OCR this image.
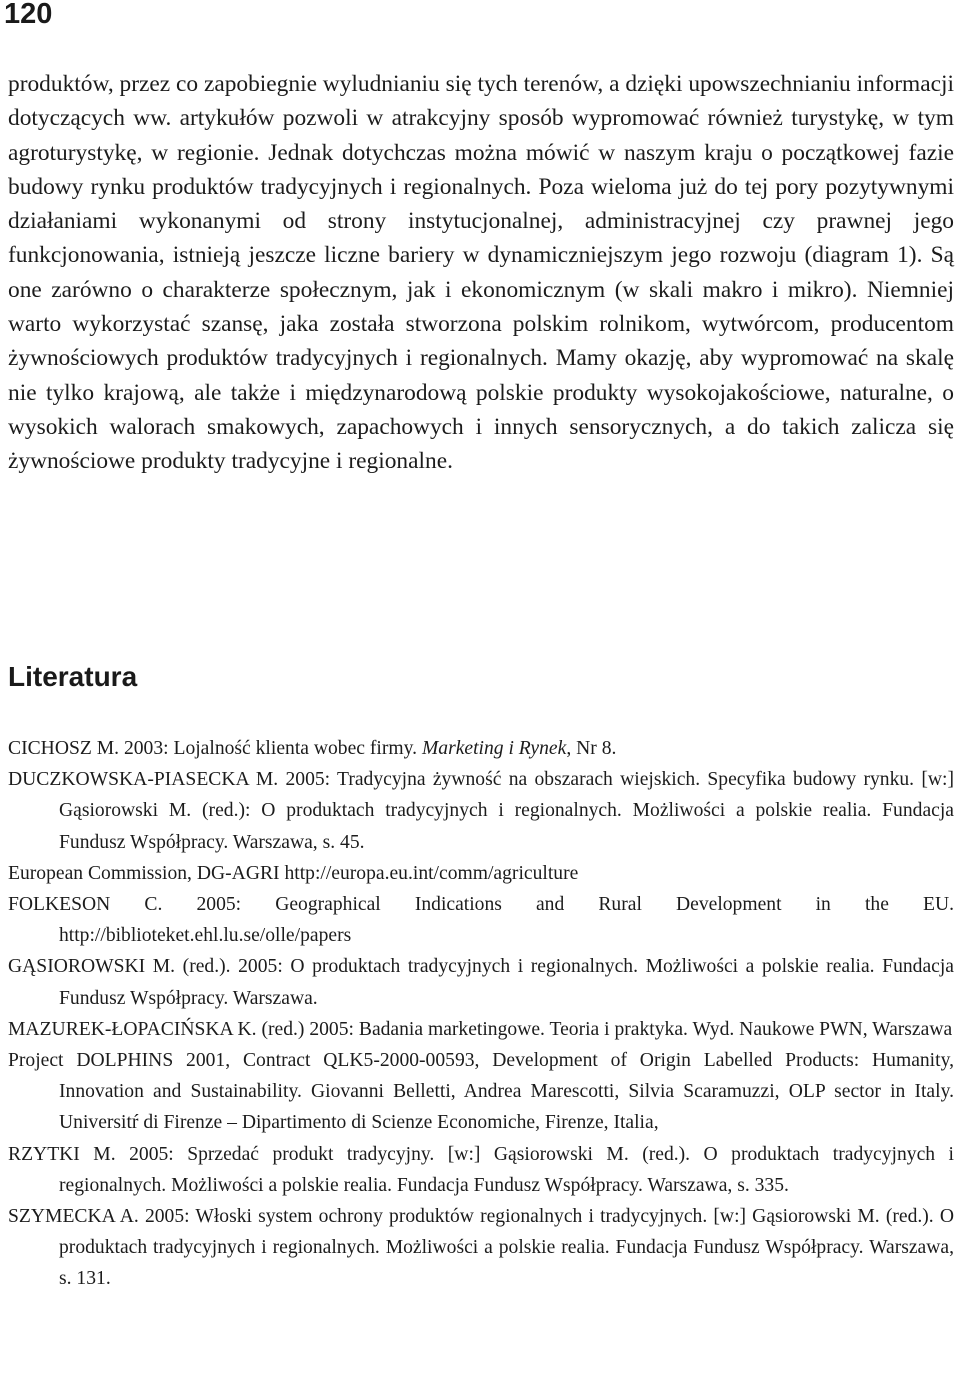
120

produktów, przez co zapobiegnie wyludnianiu się tych terenów, a dzięki upowszechnianiu informacji dotyczących ww. artykułów pozwoli w atrakcyjny sposób wypromować również turystykę, w tym agroturystykę, w regionie. Jednak dotychczas można mówić w naszym kraju o początkowej fazie budowy rynku produktów tradycyjnych i regionalnych. Poza wieloma już do tej pory pozytywnymi działaniami wykonanymi od strony instytucjonalnej, administracyjnej czy prawnej jego funkcjonowania, istnieją jeszcze liczne bariery w dynamiczniejszym jego rozwoju (diagram 1). Są one zarówno o charakterze społecznym, jak i ekonomicznym (w skali makro i mikro). Niemniej warto wykorzystać szansę, jaka została stworzona polskim rolnikom, wytwórcom, producentom żywnościowych produktów tradycyjnych i regionalnych. Mamy okazję, aby wypromować na skalę nie tylko krajową, ale także i międzynarodową polskie produkty wysokojakościowe, naturalne, o wysokich walorach smakowych, zapachowych i innych sensorycznych, a do takich zalicza się żywnościowe produkty tradycyjne i regionalne.

Literatura
CICHOSZ M. 2003: Lojalność klienta wobec firmy. Marketing i Rynek, Nr 8.
DUCZKOWSKA-PIASECKA M. 2005: Tradycyjna żywność na obszarach wiejskich. Specyfika budowy rynku. [w:] Gąsiorowski M. (red.): O produktach tradycyjnych i regionalnych. Możliwości a polskie realia. Fundacja Fundusz Współpracy. Warszawa, s. 45.
European Commission, DG-AGRI http://europa.eu.int/comm/agriculture
FOLKESON C. 2005: Geographical Indications and Rural Development in the EU. http://biblioteket.ehl.lu.se/olle/papers
GĄSIOROWSKI M. (red.). 2005: O produktach tradycyjnych i regionalnych. Możliwości a polskie realia. Fundacja Fundusz Współpracy. Warszawa.
MAZUREK-ŁOPACIŃSKA K. (red.) 2005: Badania marketingowe. Teoria i praktyka. Wyd. Naukowe PWN, Warszawa
Project DOLPHINS 2001, Contract QLK5-2000-00593, Development of Origin Labelled Products: Humanity, Innovation and Sustainability. Giovanni Belletti, Andrea Marescotti, Silvia Scaramuzzi, OLP sector in Italy. Universitŕ di Firenze – Dipartimento di Scienze Economiche, Firenze, Italia,
RZYTKI M. 2005: Sprzedać produkt tradycyjny. [w:] Gąsiorowski M. (red.). O produktach tradycyjnych i regionalnych. Możliwości a polskie realia. Fundacja Fundusz Współpracy. Warszawa, s. 335.
SZYMECKA A. 2005: Włoski system ochrony produktów regionalnych i tradycyjnych. [w:] Gąsiorowski M. (red.). O produktach tradycyjnych i regionalnych. Możliwości a polskie realia. Fundacja Fundusz Współpracy. Warszawa, s. 131.
